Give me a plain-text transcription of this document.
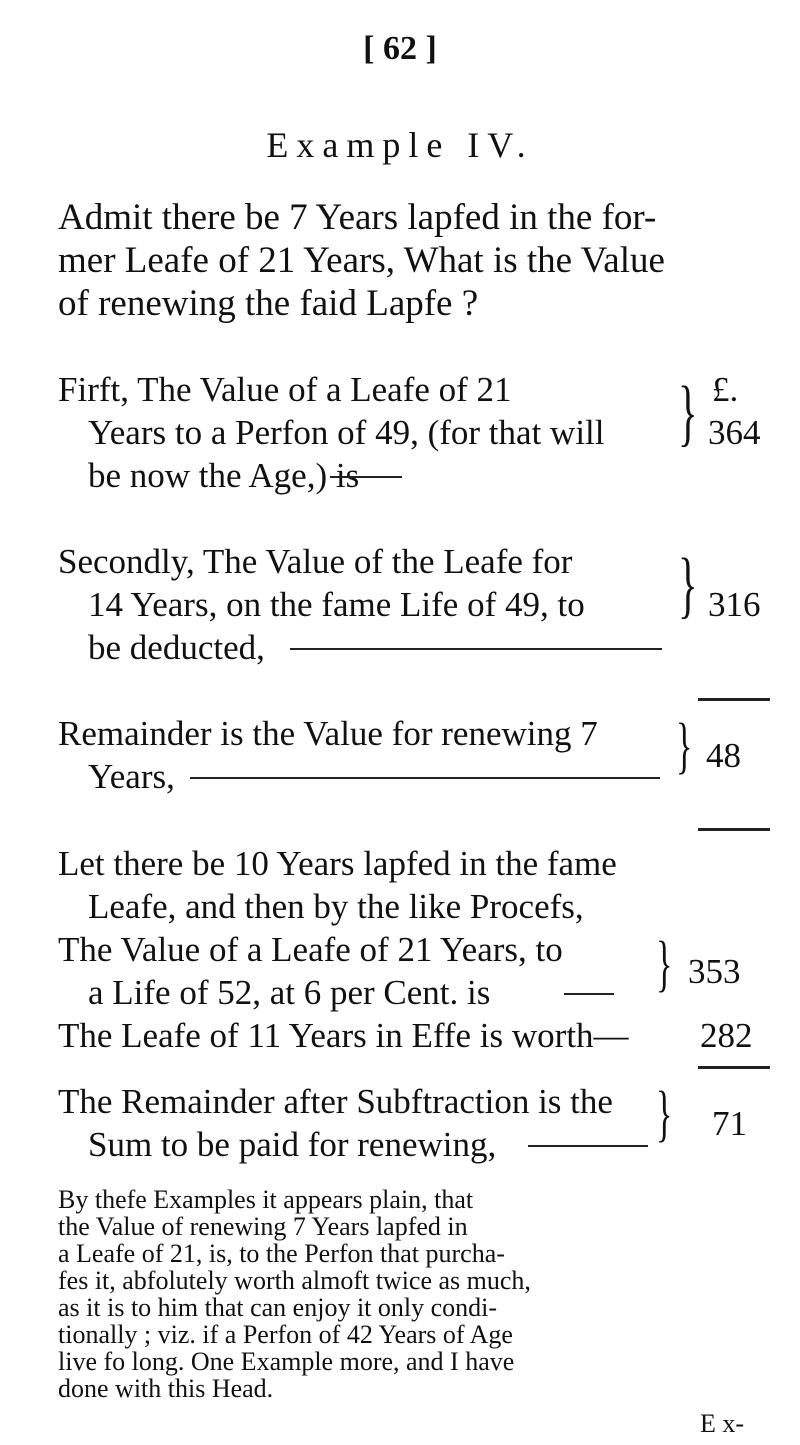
[ 62 ]
Example IV.
Admit there be 7 Years lapfed in the for-
mer Leafe of 21 Years, What is the Value
of renewing the faid Lapfe ?
Firft, The Value of a Leafe of 21
Years to a Perfon of 49, (for that will
be now the Age,) is
} £.
364
Secondly, The Value of the Leafe for
14 Years, on the fame Life of 49, to
be deducted,
} 316
Remainder is the Value for renewing 7
Years,	} 48
Let there be 10 Years lapfed in the fame
Leafe, and then by the like Procefs,
The Value of a Leafe of 21 Years, to
a Life of 52, at 6 per Cent. is	} 353
The Leafe of 11 Years in Effe is worth— 282
The Remainder after Subftraction is the
Sum to be paid for renewing,	} 71
By thefe Examples it appears plain, that
the Value of renewing 7 Years lapfed in
a Leafe of 21, is, to the Perfon that purcha-
fes it, abfolutely worth almoft twice as much,
as it is to him that can enjoy it only condi-
tionally ; viz. if a Perfon of 42 Years of Age
live fo long. One Example more, and I have
done with this Head.
E x-
